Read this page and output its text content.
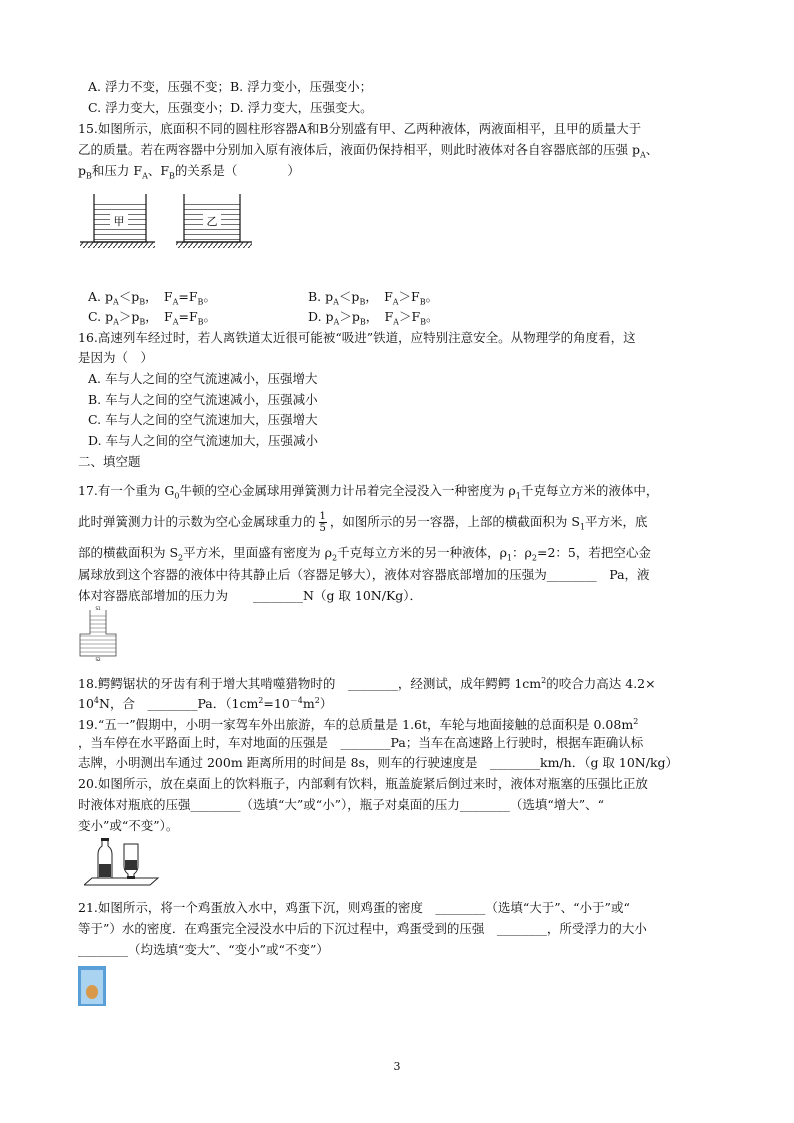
A. 浮力不变，压强不变；B. 浮力变小，压强变小；
C. 浮力变大，压强变小；D. 浮力变大，压强变大。
15.如图所示，底面积不同的圆柱形容器A和B分别盛有甲、乙两种液体，两液面相平，且甲的质量大于
乙的质量。若在两容器中分别加入原有液体后，液面仍保持相平，则此时液体对各自容器底部的压强 $p_A$、
$p_B$和压力 $F_A$、$F_B$的关系是（　　　　）
甲	乙
A. $p_A<p_B$，　$F_A=F_B$。	B. $p_A<p_B$，　$F_A>F_B$。
C. $p_A>p_B$，　$F_A=F_B$。	D. $p_A>p_B$，　$F_A>F_B$。
16.高速列车经过时，若人离铁道太近很可能被“吸进”铁道，应特别注意安全。从物理学的角度看，这
是因为（　）
A. 车与人之间的空气流速减小，压强增大
B. 车与人之间的空气流速减小，压强减小
C. 车与人之间的空气流速加大，压强增大
D. 车与人之间的空气流速加大，压强减小
二、填空题
17.有一个重为 $G_0$牛顿的空心金属球用弹簧测力计吊着完全浸没入一种密度为 $\rho_1$千克每立方米的液体中，
此时弹簧测力计的示数为空心金属球重力的 $\frac{1}{5}$ ，如图所示的另一容器，上部的横截面积为 $S_1$平方米，底
部的横截面积为 $S_2$平方米，里面盛有密度为 $\rho_2$千克每立方米的另一种液体，$\rho_1$：$\rho_2=2$：5，若把空心金
属球放到这个容器的液体中待其静止后（容器足够大），液体对容器底部增加的压强为________　Pa，液
体对容器底部增加的压力为　　________N（g 取 10N/Kg）．
S1
S2
18.鳄鳄锯状的牙齿有利于增大其啃噬猎物时的　________，经测试，成年鳄鳄 $1cm^2$的咬合力高达 4.2×
$10^4N$，合　________Pa．$(1cm^2=10^{-4}m^2)$
19.“五一”假期中，小明一家驾车外出旅游，车的总质量是 1.6t，车轮与地面接触的总面积是 $0.08m^2$
，当车停在水平路面上时，车对地面的压强是　________Pa；当车在高速路上行驶时，根据车距确认标
志牌，小明测出车通过 200m 距离所用的时间是 8s，则车的行驶速度是　________km/h．（g 取 10N/kg）
20.如图所示，放在桌面上的饮料瓶子，内部剩有饮料，瓶盖旋紧后倒过来时，液体对瓶塞的压强比正放
时液体对瓶底的压强________（选填“大”或“小”），瓶子对桌面的压力________（选填“增大”、“
变小”或“不变”）。
21.如图所示，将一个鸡蛋放入水中，鸡蛋下沉，则鸡蛋的密度　________（选填“大于”、“小于”或“
等于”）水的密度．在鸡蛋完全浸没水中后的下沉过程中，鸡蛋受到的压强　________，所受浮力的大小
________（均选填“变大”、“变小”或“不变”）
3
